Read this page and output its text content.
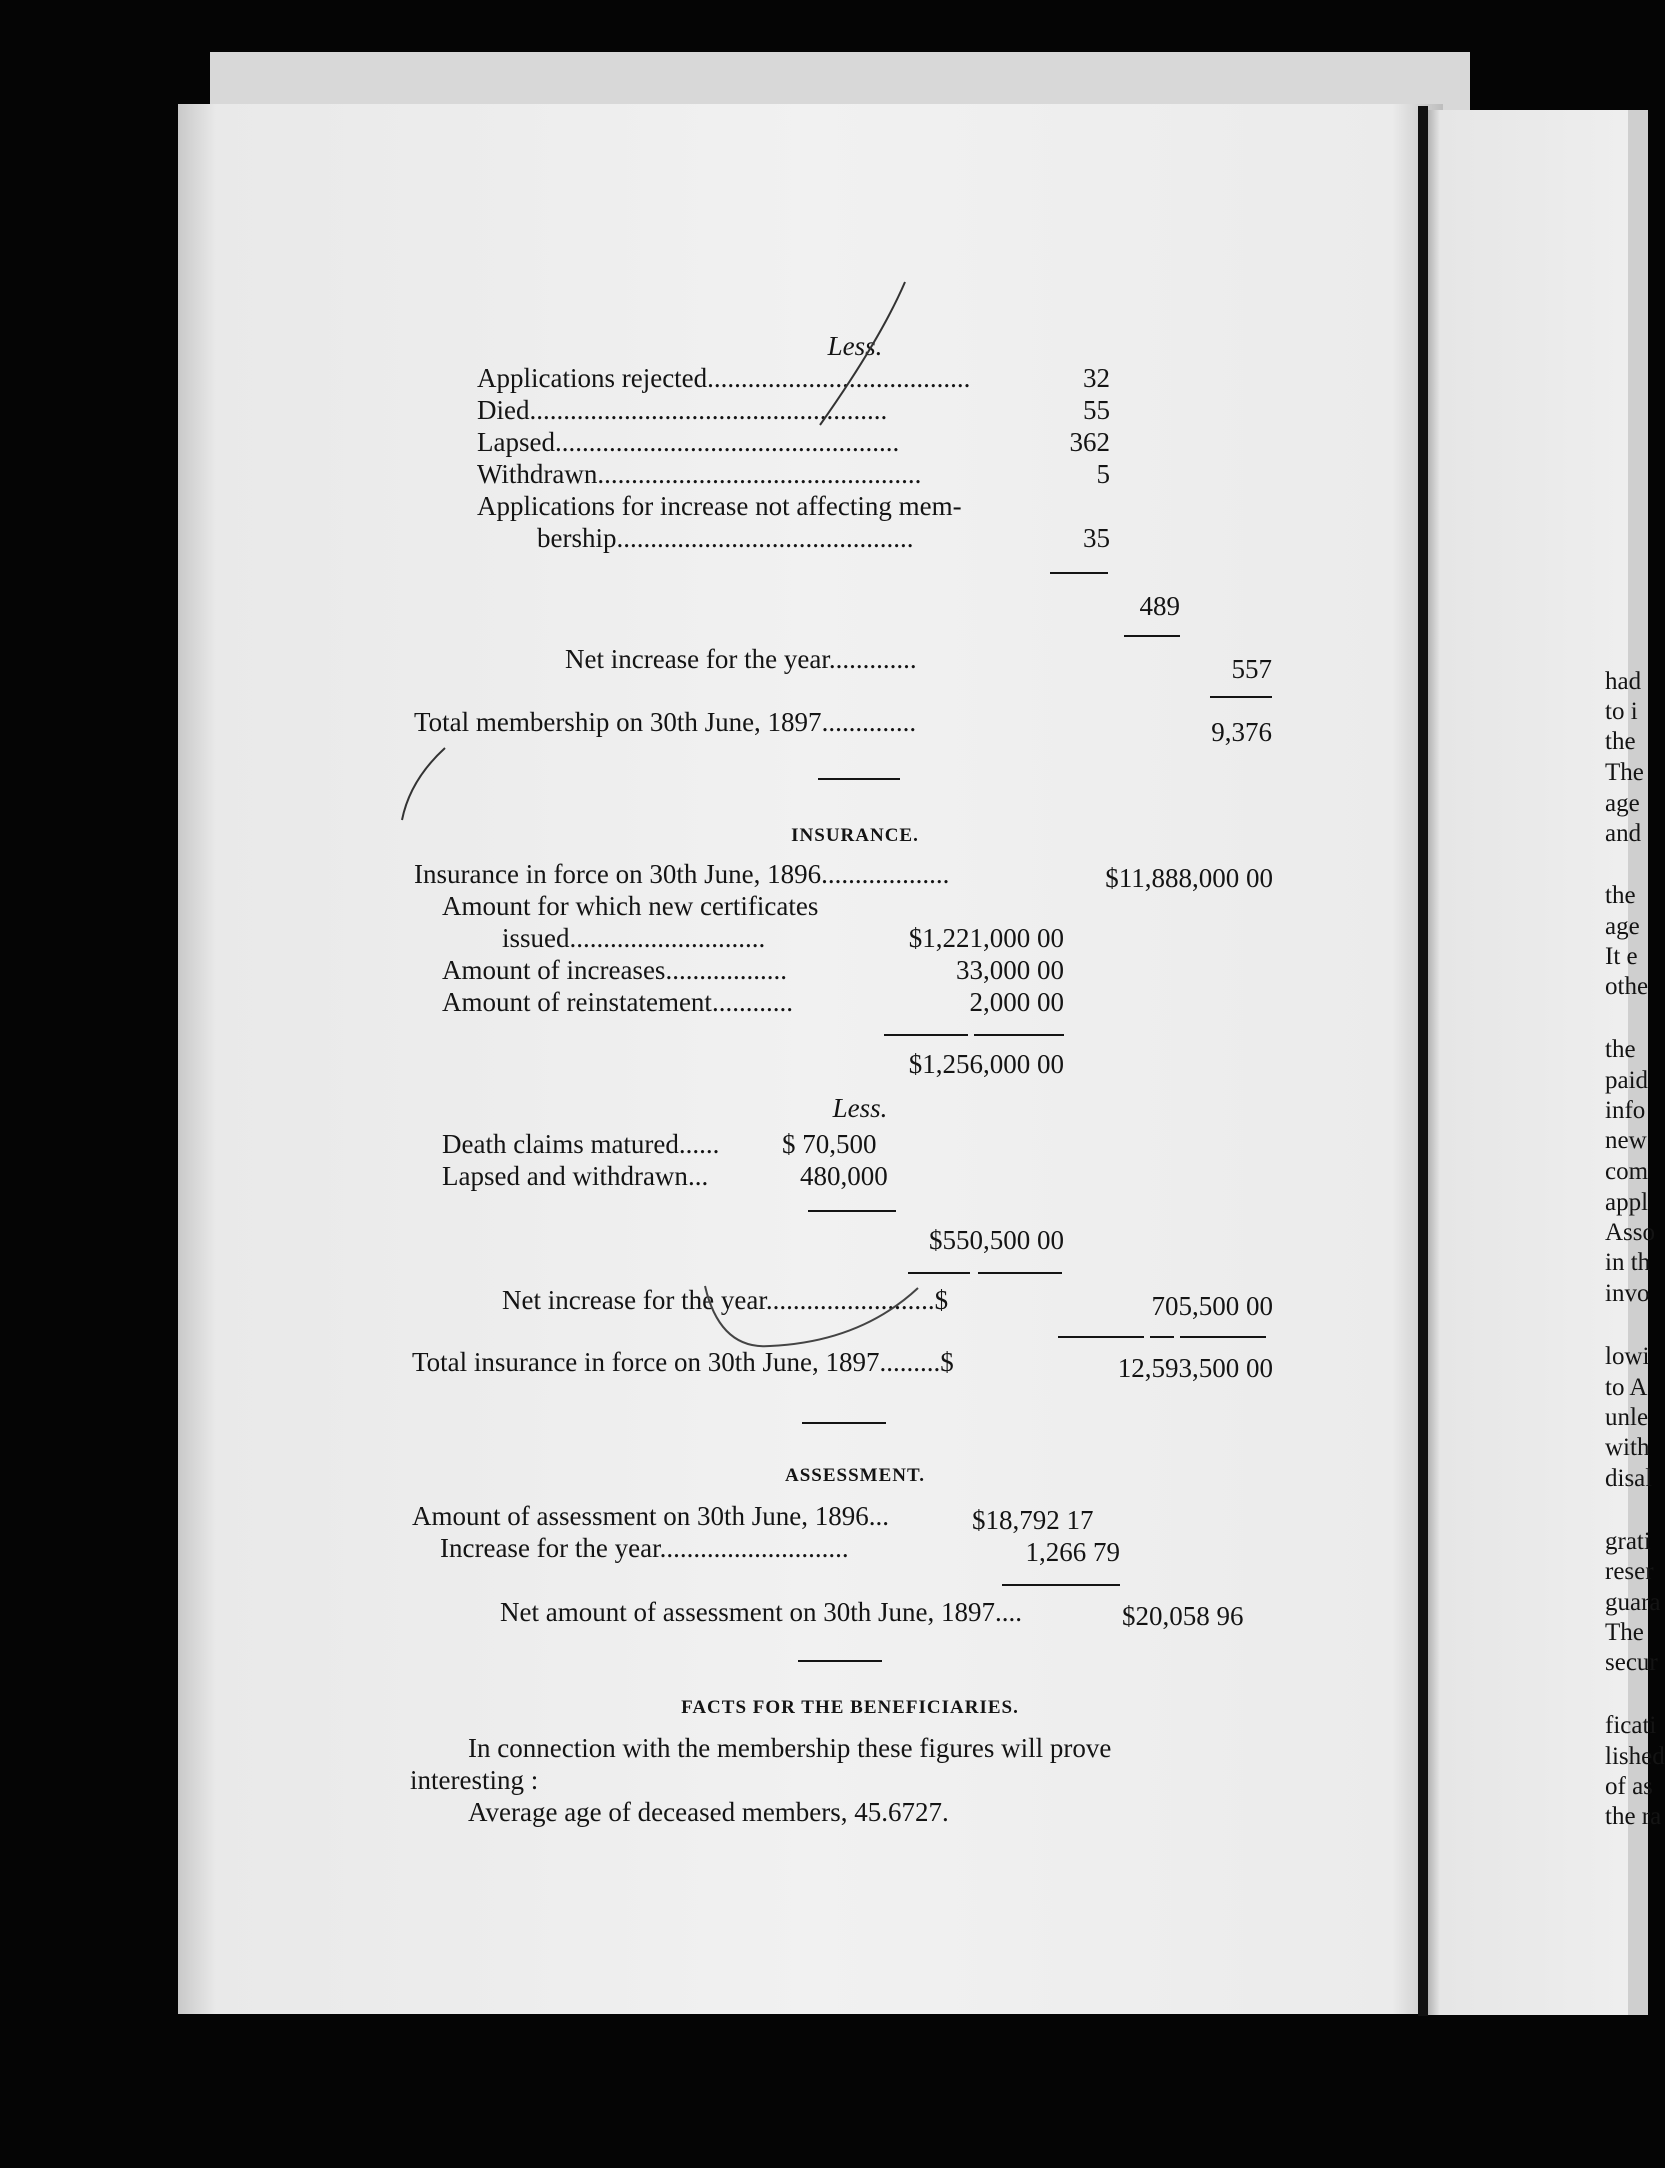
Less.
Applications rejected.......................................	32
Died.....................................................	55
Lapsed...................................................	362
Withdrawn................................................	5
Applications for increase not affecting mem-
bership............................................	35
489
Net increase for the year.............	557
Total membership on 30th June, 1897..............	9,376
INSURANCE.
Insurance in force on 30th June, 1896...................	$11,888,000 00
Amount for which new certificates
issued.............................	$1,221,000 00
Amount of increases..................	33,000 00
Amount of reinstatement............	2,000 00
$1,256,000 00
Less.
Death claims matured...... $ 70,500
Lapsed and withdrawn...	480,000
$550,500 00
Net increase for the year.........................$	705,500 00
Total insurance in force on 30th June, 1897.........$	12,593,500 00
ASSESSMENT.
Amount of assessment on 30th June, 1896...	$18,792 17
Increase for the year............................	1,266 79
Net amount of assessment on 30th June, 1897....	$20,058 96
FACTS FOR THE BENEFICIARIES.
In connection with the membership these figures will prove
interesting :
Average age of deceased members, 45.6727.
had
to i
the
The
age
and
the
age
It e
othe
the
paid
info
new
com
appl
Asso
in th
invo
lowi
to A
unle
with
disal
grati
reser
guara
The
secur
ficati
lished
of as
the ra
